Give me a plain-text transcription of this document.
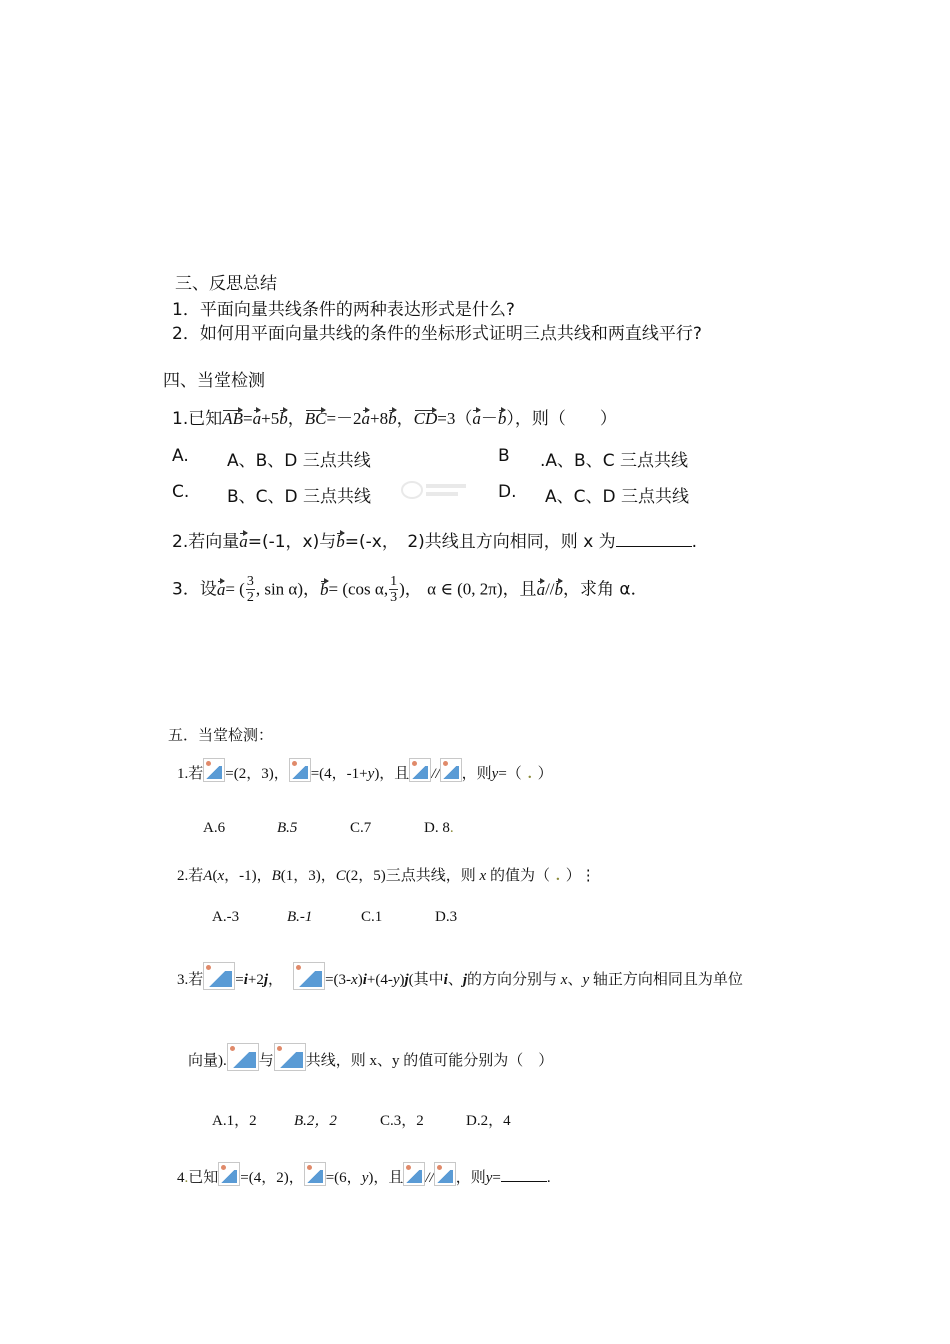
三、反思总结
1．平面向量共线条件的两种表达形式是什么?
2．如何用平面向量共线的条件的坐标形式证明三点共线和两直线平行?
四、当堂检测
1.已知AB=a+5b，BC=－2a+8b，CD=3（a－b），则（　　）
A. A、B、D 三点共线	B .A、B、C 三点共线
C. B、C、D 三点共线	D. A、C、D 三点共线
2.若向量a=(-1，x)与b=(-x，　2)共线且方向相同，则 x 为	.
3．设a= ( $\frac{3}{2}$ , sin α)，b= (cos α, $\frac{1}{3}$ )， α ∈ (0, 2π)，且a//b，求角 α．
五．当堂检测：
1.若 =(2，3)， =(4，-1+y)，且 // ，则y=（ . ）
A.6	B.5	C.7	D. 8.
2.若A(x，-1)，B(1，3)，C(2，5)三点共线，则 x 的值为（ . ）⋮
A.-3	B.-1	C.1	D.3
3.若 =i+2j，	=(3-x)i+(4-y)j(其中i、j的方向分别与 x、y 轴正方向相同且为单位
向量). 与 共线，则 x、y 的值可能分别为（　）
A.1，2 B.2，2	C.3，2	D.2，4
4.已知 =(4，2)， =(6，y)，且 // ，则y=	.
